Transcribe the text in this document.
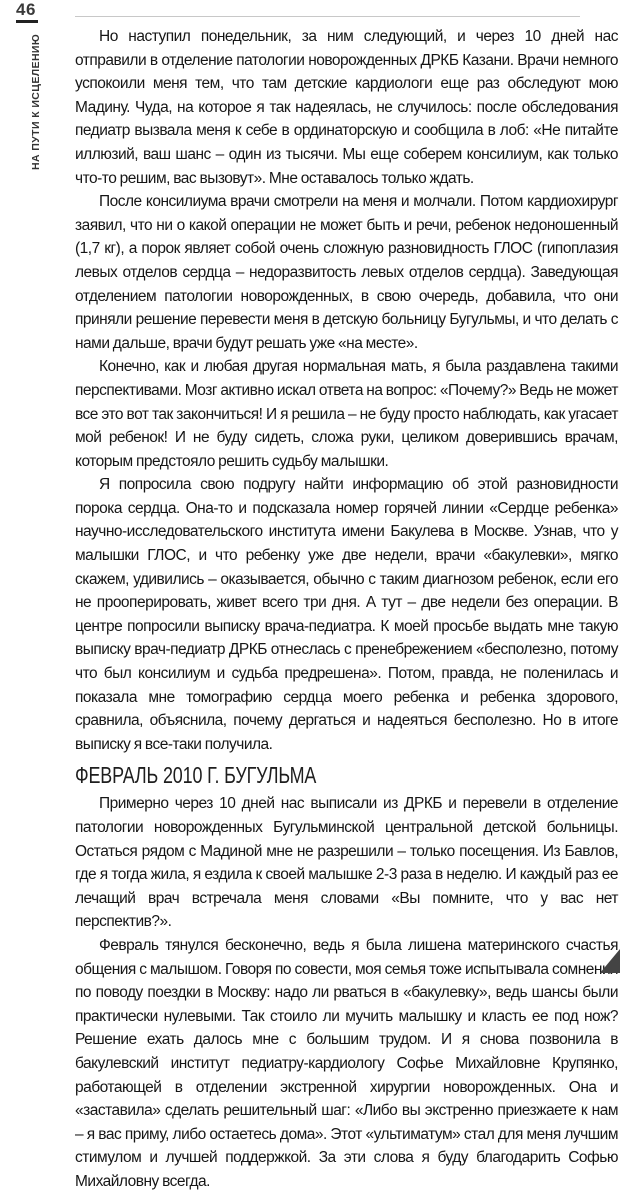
46
НА ПУТИ К ИСЦЕЛЕНИЮ	Но наступил понедельник, за ним следующий, и через 10 дней нас отправили в отделение патологии новорожденных ДРКБ Казани. Врачи немного успокоили меня тем, что там детские кардиологи еще раз обследуют мою Мадину. Чуда, на которое я так надеялась, не случилось: после обследования педиатр вызвала меня к себе в ординаторскую и сообщила в лоб: «Не питайте иллюзий, ваш шанс – один из тысячи. Мы еще соберем консилиум, как только что-то решим, вас вызовут». Мне оставалось только ждать.

После консилиума врачи смотрели на меня и молчали. Потом кардиохирург заявил, что ни о какой операции не может быть и речи, ребенок недоношенный (1,7 кг), а порок являет собой очень сложную разновидность ГЛОС (гипоплазия левых отделов сердца – недоразвитость левых отделов сердца). Заведующая отделением патологии новорожденных, в свою очередь, добавила, что они приняли решение перевести меня в детскую больницу Бугульмы, и что делать с нами дальше, врачи будут решать уже «на месте».

Конечно, как и любая другая нормальная мать, я была раздавлена такими перспективами. Мозг активно искал ответа на вопрос: «Почему?» Ведь не может все это вот так закончиться! И я решила – не буду просто наблюдать, как угасает мой ребенок! И не буду сидеть, сложа руки, целиком доверившись врачам, которым предстояло решить судьбу малышки.

Я попросила свою подругу найти информацию об этой разновидности порока сердца. Она-то и подсказала номер горячей линии «Сердце ребенка» научно-исследовательского института имени Бакулева в Москве. Узнав, что у малышки ГЛОС, и что ребенку уже две недели, врачи «бакулевки», мягко скажем, удивились – оказывается, обычно с таким диагнозом ребенок, если его не прооперировать, живет всего три дня. А тут – две недели без операции. В центре попросили выписку врача-педиатра. К моей просьбе выдать мне такую выписку врач-педиатр ДРКБ отнеслась с пренебрежением «бесполезно, потому что был консилиум и судьба предрешена». Потом, правда, не поленилась и показала мне томографию сердца моего ребенка и ребенка здорового, сравнила, объяснила, почему дергаться и надеяться бесполезно. Но в итоге выписку я все-таки получила.

ФЕВРАЛЬ 2010 Г. БУГУЛЬМА

Примерно через 10 дней нас выписали из ДРКБ и перевели в отделение патологии новорожденных Бугульминской центральной детской больницы. Остаться рядом с Мадиной мне не разрешили – только посещения. Из Бавлов, где я тогда жила, я ездила к своей малышке 2-3 раза в неделю. И каждый раз ее лечащий врач встречала меня словами «Вы помните, что у вас нет перспектив?».

Февраль тянулся бесконечно, ведь я была лишена материнского счастья общения с малышом. Говоря по совести, моя семья тоже испытывала сомнения по поводу поездки в Москву: надо ли рваться в «бакулевку», ведь шансы были практически нулевыми. Так стоило ли мучить малышку и класть ее под нож? Решение ехать далось мне с большим трудом. И я снова позвонила в бакулевский институт педиатру-кардиологу Софье Михайловне Крупянко, работающей в отделении экстренной хирургии новорожденных. Она и «заставила» сделать решительный шаг: «Либо вы экстренно приезжаете к нам – я вас приму, либо остаетесь дома». Этот «ультиматум» стал для меня лучшим стимулом и лучшей поддержкой. За эти слова я буду благодарить Софью Михайловну всегда.
